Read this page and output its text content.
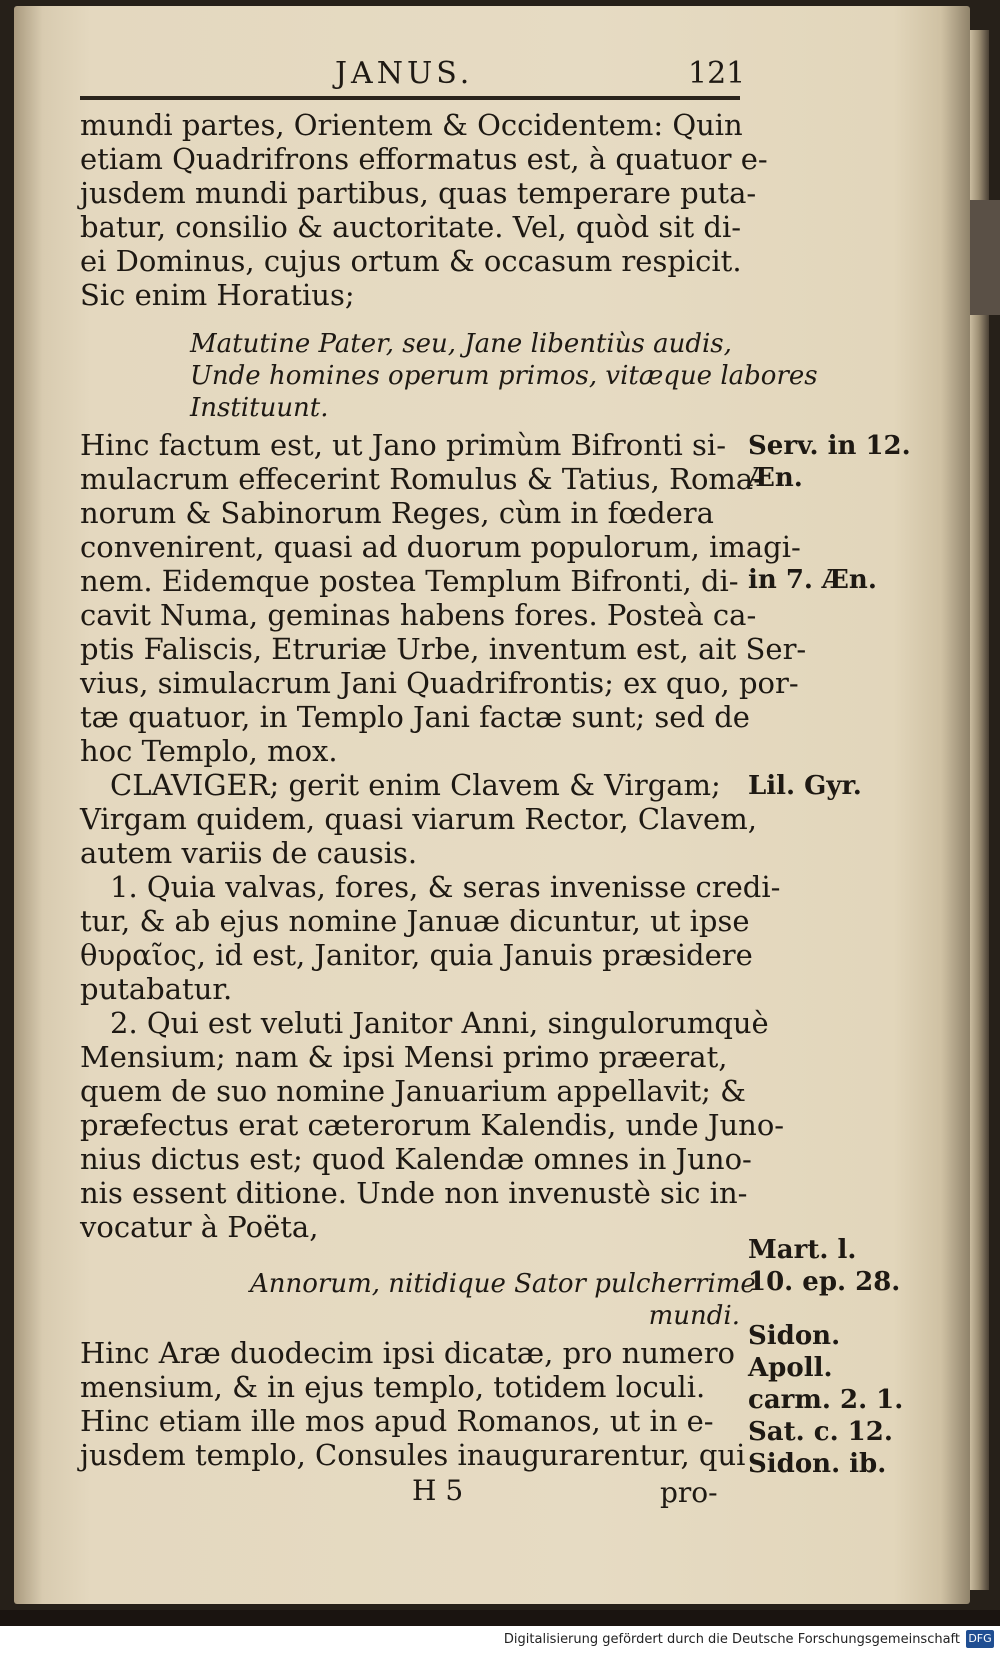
JANUS.	121
mundi partes, Orientem & Occidentem: Quin
etiam Quadrifrons efformatus est, à quatuor e-
jusdem mundi partibus, quas temperare puta-
batur, consilio & auctoritate. Vel, quòd sit di-
ei Dominus, cujus ortum & occasum respicit.
Sic enim Horatius;
Matutine Pater, seu, Jane libentiùs audis,
Unde homines operum primos, vitæque labores
Instituunt.
Hinc factum est, ut Jano primùm Bifronti si-
mulacrum effecerint Romulus & Tatius, Roma-
norum & Sabinorum Reges, cùm in fœdera
convenirent, quasi ad duorum populorum, imagi-
nem. Eidemque postea Templum Bifronti, di-
cavit Numa, geminas habens fores. Posteà ca-
ptis Faliscis, Etruriæ Urbe, inventum est, ait Ser-
vius, simulacrum Jani Quadrifrontis; ex quo, por-
tæ quatuor, in Templo Jani factæ sunt; sed de
hoc Templo, mox.
CLAVIGER; gerit enim Clavem & Virgam;
Virgam quidem, quasi viarum Rector, Clavem,
autem variis de causis.
1. Quia valvas, fores, & seras invenisse credi-
tur, & ab ejus nomine Januæ dicuntur, ut ipse
θυραῖος, id est, Janitor, quia Januis præsidere
putabatur.
2. Qui est veluti Janitor Anni, singulorumquè
Mensium; nam & ipsi Mensi primo præerat,
quem de suo nomine Januarium appellavit; &
præfectus erat cæterorum Kalendis, unde Juno-
nius dictus est; quod Kalendæ omnes in Juno-
nis essent ditione. Unde non invenustè sic in-
vocatur à Poëta,
Annorum, nitidique Sator pulcherrime
mundi.
Hinc Aræ duodecim ipsi dicatæ, pro numero
mensium, & in ejus templo, totidem loculi.
Hinc etiam ille mos apud Romanos, ut in e-
jusdem templo, Consules inaugurarentur, qui
H 5	pro-
Serv. in 12.
Æn.
in 7. Æn.
Lil. Gyr.
Mart. l.
10. ep. 28.
Sidon.
Apoll.
carm. 2. 1.
Sat. c. 12.
Sidon. ib.
Digitalisierung gefördert durch die Deutsche Forschungsgemeinschaft DFG
